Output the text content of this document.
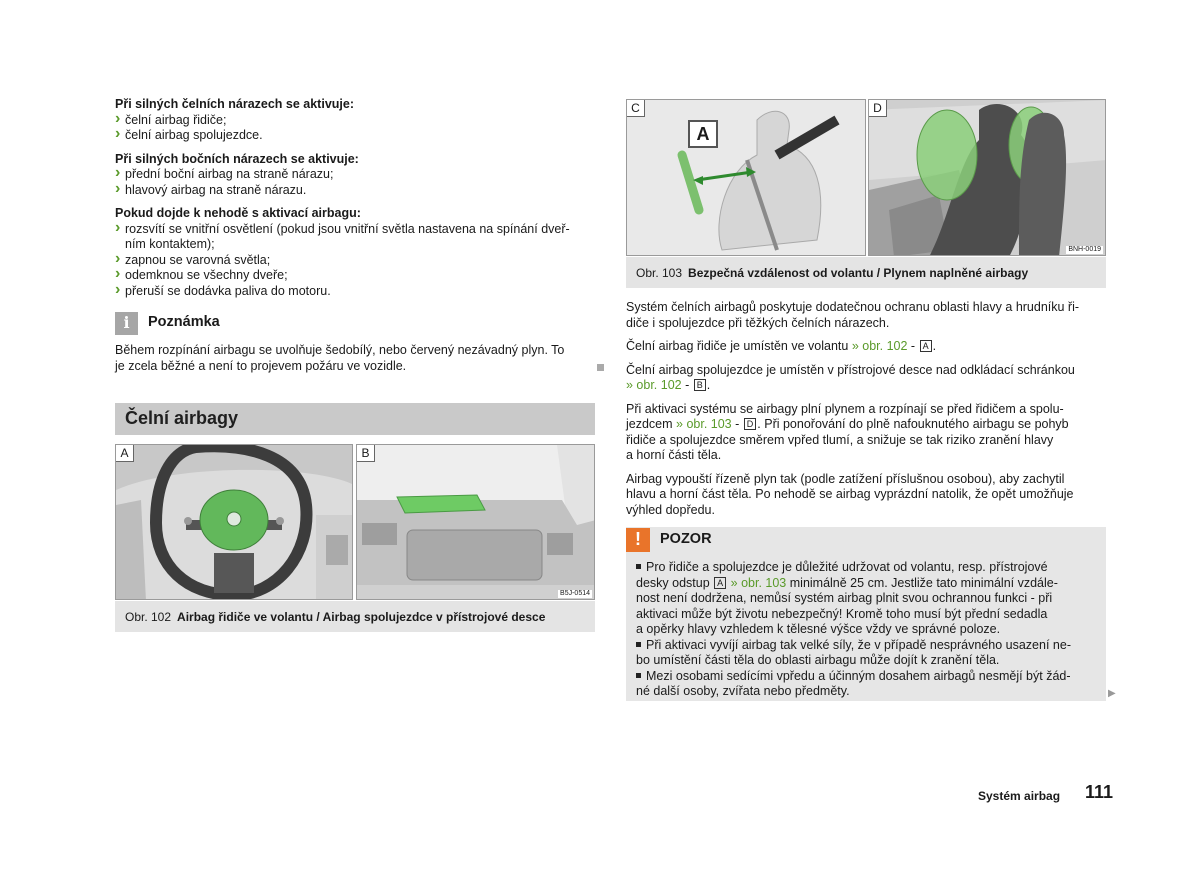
Při silných čelních nárazech se aktivuje:
› čelní airbag řidiče;
› čelní airbag spolujezdce.
Při silných bočních nárazech se aktivuje:
› přední boční airbag na straně nárazu;
› hlavový airbag na straně nárazu.
Pokud dojde k nehodě s aktivací airbagu:
› rozsvítí se vnitřní osvětlení (pokud jsou vnitřní světla nastavena na spínání dveř-
ním kontaktem);
› zapnou se varovná světla;
› odemknou se všechny dveře;
› přeruší se dodávka paliva do motoru.
i	Poznámka
Během rozpínání airbagu se uvolňuje šedobílý, nebo červený nezávadný plyn. To
je zcela běžné a není to projevem požáru ve vozidle.
Čelní airbagy
A	B
B5J-0514
Obr. 102 Airbag řidiče ve volantu / Airbag spolujezdce v přístrojové desce
C
A
D
BNH-0019
Obr. 103 Bezpečná vzdálenost od volantu / Plynem naplněné airbagy
Systém čelních airbagů poskytuje dodatečnou ochranu oblasti hlavy a hrudníku ři-
diče i spolujezdce při těžkých čelních nárazech.
Čelní airbag řidiče je umístěn ve volantu » obr. 102 - A .
Čelní airbag spolujezdce je umístěn v přístrojové desce nad odkládací schránkou
» obr. 102 - B .
Při aktivaci systému se airbagy plní plynem a rozpínají se před řidičem a spolu-
jezdcem » obr. 103 - D . Při ponořování do plně nafouknutého airbagu se pohyb
řidiče a spolujezdce směrem vpřed tlumí, a snižuje se tak riziko zranění hlavy
a horní části těla.
Airbag vypouští řízeně plyn tak (podle zatížení příslušnou osobou), aby zachytil
hlavu a horní část těla. Po nehodě se airbag vyprázdní natolik, že opět umožňuje
výhled dopředu.
!	POZOR
Pro řidiče a spolujezdce je důležité udržovat od volantu, resp. přístrojové
desky odstup A » obr. 103 minimálně 25 cm. Jestliže tato minimální vzdále-
nost není dodržena, nemůsí systém airbag plnit svou ochrannou funkci - při
aktivaci může být životu nebezpečný! Kromě toho musí být přední sedadla
a opěrky hlavy vzhledem k tělesné výšce vždy ve správné poloze.
Při aktivaci vyvíjí airbag tak velké síly, že v případě nesprávného usazení ne-
bo umístění části těla do oblasti airbagu může dojít k zranění těla.
Mezi osobami sedícími vpředu a účinným dosahem airbagů nesmějí být žád-
né další osoby, zvířata nebo předměty.	▶
Systém airbag 111
